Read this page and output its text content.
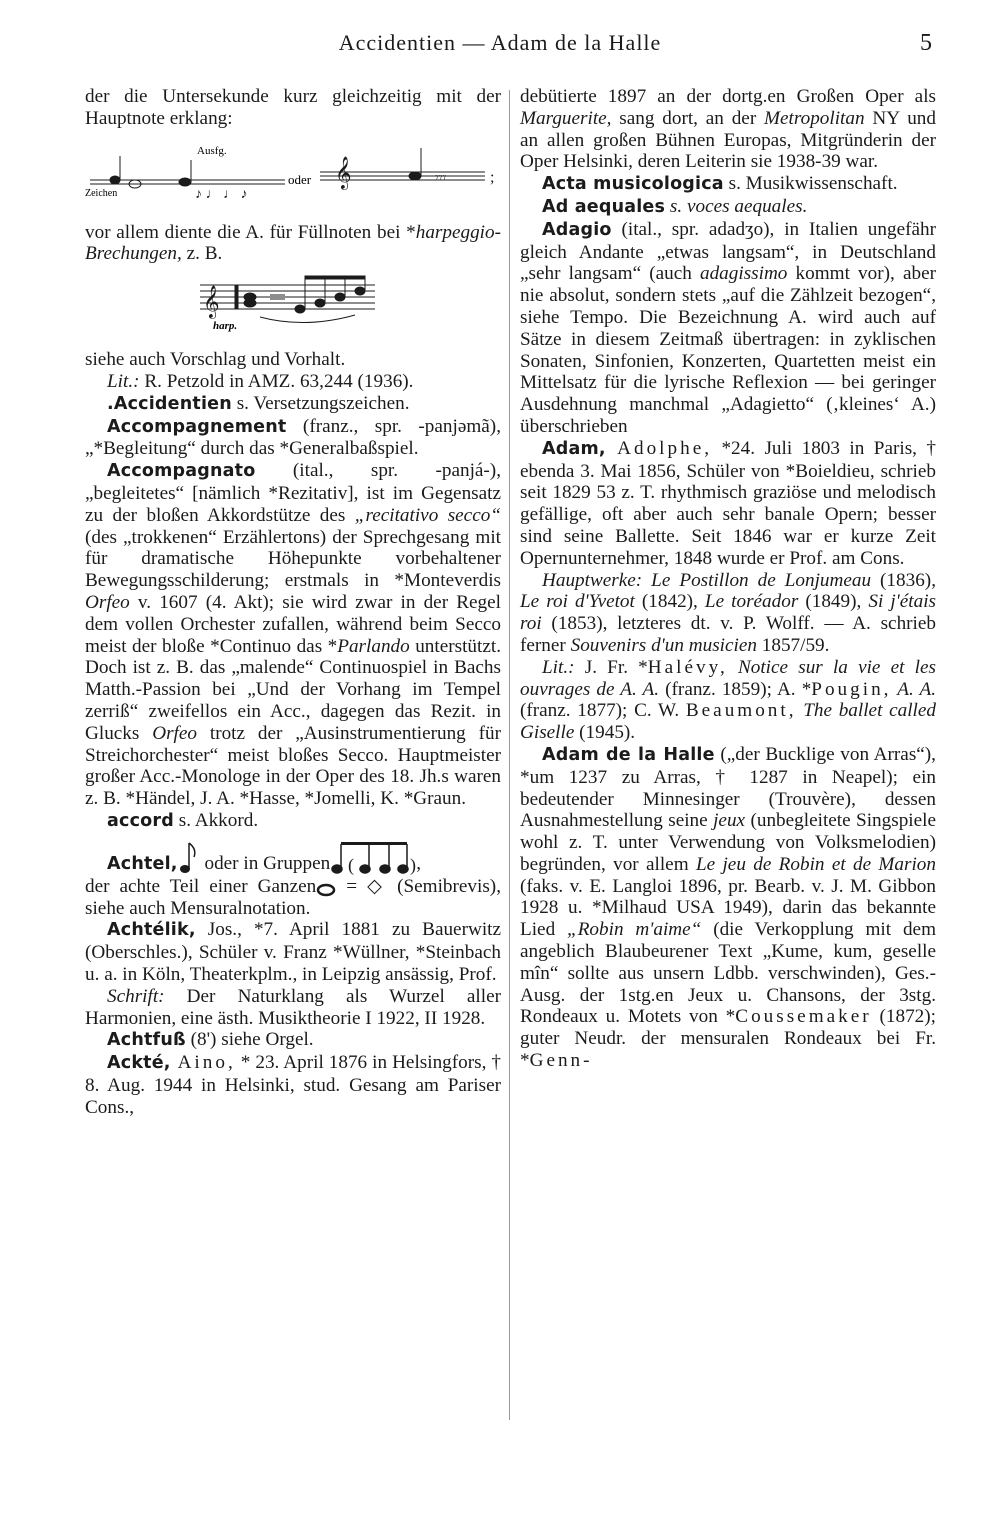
Accidentien — Adam de la Halle	5

der die Untersekunde kurz gleichzeitig mit der Hauptnote erklang:

Ausfg.
Zeichen
oder
♪ ♩ ♩ ♪
𝄞	𝄾𝄾𝄾	;

vor allem diente die A. für Füllnoten bei *harpeggio-Brechungen, z. B.

𝄞
harp.

siehe auch Vorschlag und Vorhalt.

Lit.: R. Petzold in AMZ. 63,244 (1936).

.Accidentien s. Versetzungszeichen.

Accompagnement (franz., spr. -panjəmã), „*Begleitung“ durch das *Generalbaßspiel.

Accompagnato (ital., spr. -panjá-), „begleitetes“ [nämlich *Rezitativ], ist im Gegensatz zu der bloßen Akkordstütze des „recitativo secco“ (des „trokkenen“ Erzählertons) der Sprechgesang mit für dramatische Höhepunkte vorbehaltener Bewegungsschilderung; erstmals in *Monteverdis Orfeo v. 1607 (4. Akt); sie wird zwar in der Regel dem vollen Orchester zufallen, während beim Secco meist der bloße *Continuo das *Parlando unterstützt. Doch ist z. B. das „malende“ Continuospiel in Bachs Matth.-Passion bei „Und der Vorhang im Tempel zerriß“ zweifellos ein Acc., dagegen das Rezit. in Glucks Orfeo trotz der „Ausinstrumentierung für Streichorchester“ meist bloßes Secco. Hauptmeister großer Acc.-Monologe in der Oper des 18. Jh.s waren z. B. *Händel, J. A. *Hasse, *Jomelli, K. *Graun.

accord s. Akkord.

Achtel, oder in Gruppen (	) ,
der achte Teil einer Ganzen = ◇ (Semibrevis), siehe auch Mensuralnotation.

Achtélik, Jos., *7. April 1881 zu Bauerwitz (Oberschles.), Schüler v. Franz *Wüllner, *Steinbach u. a. in Köln, Theaterkplm., in Leipzig ansässig, Prof.

Schrift: Der Naturklang als Wurzel aller Harmonien, eine ästh. Musiktheorie I 1922, II 1928.

Achtfuß (8') siehe Orgel.

Ackté, Aino, * 23. April 1876 in Helsingfors, † 8. Aug. 1944 in Helsinki, stud. Gesang am Pariser Cons.,

debütierte 1897 an der dortg.en Großen Oper als Marguerite, sang dort, an der Metropolitan NY und an allen großen Bühnen Europas, Mitgründerin der Oper Helsinki, deren Leiterin sie 1938-39 war.

Acta musicologica s. Musikwissenschaft.

Ad aequales s. voces aequales.

Adagio (ital., spr. adadʒo), in Italien ungefähr gleich Andante „etwas langsam“, in Deutschland „sehr langsam“ (auch adagissimo kommt vor), aber nie absolut, sondern stets „auf die Zählzeit bezogen“, siehe Tempo. Die Bezeichnung A. wird auch auf Sätze in diesem Zeitmaß übertragen: in zyklischen Sonaten, Sinfonien, Konzerten, Quartetten meist ein Mittelsatz für die lyrische Reflexion — bei geringer Ausdehnung manchmal „Adagietto“ (‚kleines‘ A.) überschrieben

Adam, Adolphe, *24. Juli 1803 in Paris, † ebenda 3. Mai 1856, Schüler von *Boieldieu, schrieb seit 1829 53 z. T. rhythmisch graziöse und melodisch gefällige, oft aber auch sehr banale Opern; besser sind seine Ballette. Seit 1846 war er kurze Zeit Opernunternehmer, 1848 wurde er Prof. am Cons.

Hauptwerke: Le Postillon de Lonjumeau (1836), Le roi d'Yvetot (1842), Le toréador (1849), Si j'étais roi (1853), letzteres dt. v. P. Wolff. — A. schrieb ferner Souvenirs d'un musicien 1857/59.

Lit.: J. Fr. *Halévy, Notice sur la vie et les ouvrages de A. A. (franz. 1859); A. *Pougin, A. A. (franz. 1877); C. W. Beaumont, The ballet called Giselle (1945).

Adam de la Halle („der Bucklige von Arras“), *um 1237 zu Arras, † 1287 in Neapel); ein bedeutender Minnesinger (Trouvère), dessen Ausnahmestellung seine jeux (unbegleitete Singspiele wohl z. T. unter Verwendung von Volksmelodien) begründen, vor allem Le jeu de Robin et de Marion (faks. v. E. Langloi 1896, pr. Bearb. v. J. M. Gibbon 1928 u. *Milhaud USA 1949), darin das bekannte Lied „Robin m'aime“ (die Verkopplung mit dem angeblich Blaubeurener Text „Kume, kum, geselle mîn“ sollte aus unsern Ldbb. verschwinden), Ges.-Ausg. der 1stg.en Jeux u. Chansons, der 3stg. Rondeaux u. Motets von *Coussemaker (1872); guter Neudr. der mensuralen Rondeaux bei Fr. *Genn-
